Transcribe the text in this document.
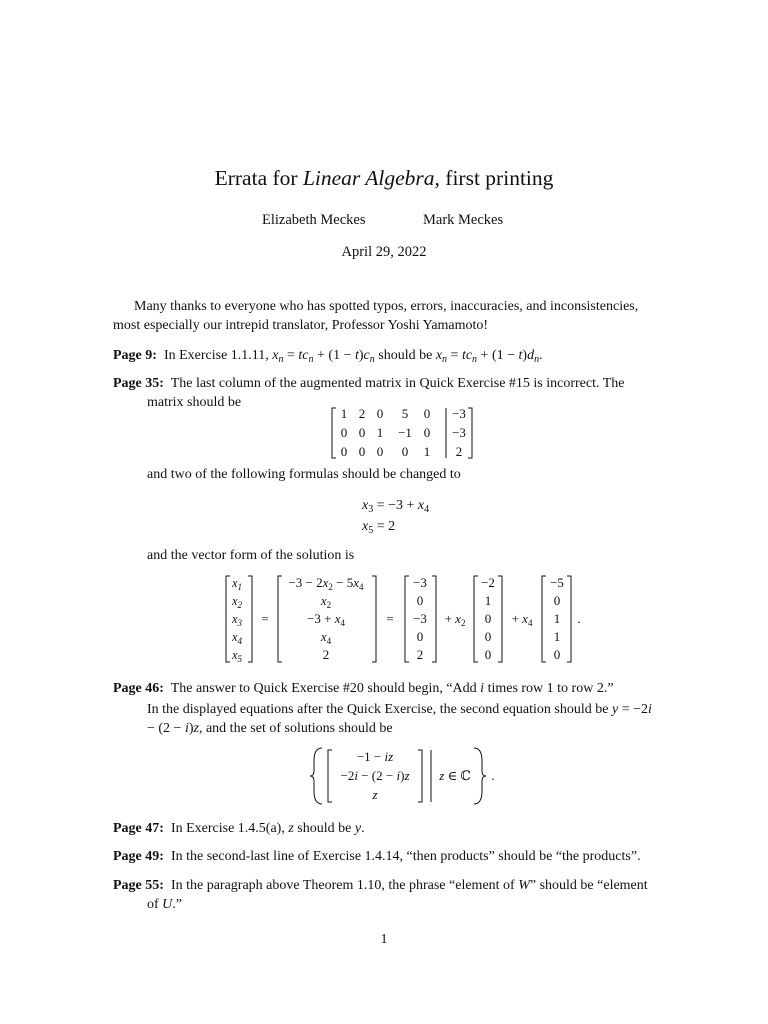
Errata for Linear Algebra, first printing
Elizabeth Meckes	Mark Meckes
April 29, 2022
Many thanks to everyone who has spotted typos, errors, inaccuracies, and inconsistencies, most especially our intrepid translator, Professor Yoshi Yamamoto!
Page 9: In Exercise 1.1.11, $x_n = tc_n + (1 - t)c_n$ should be $x_n = tc_n + (1 - t)d_n$.
Page 35: The last column of the augmented matrix in Quick Exercise #15 is incorrect. The matrix should be
1 2 0 5 0 −3
0 0 1 −1 0 −3
0 0 0 0 1 2
and two of the following formulas should be changed to
$x_3 = -3 + x_4$
$x_5 = 2$
and the vector form of the solution is
$x_1$
$x_2$
$x_3$
$x_4$
$x_5$
=
$-3 - 2x_2 - 5x_4$
$x_2$
$-3 + x_4$
$x_4$
2
=
−3
0
−3
0
2
+ $x_2$
−2
1
0
0
0
+ $x_4$
−5
0
1
1
0
.
Page 46: The answer to Quick Exercise #20 should begin, “Add i times row 1 to row 2.”
In the displayed equations after the Quick Exercise, the second equation should be y = −2i − (2 − i)z, and the set of solutions should be
−1 − iz
−2i − (2 − i)z
z
z ∈ ℂ .
Page 47: In Exercise 1.4.5(a), z should be y.
Page 49: In the second-last line of Exercise 1.4.14, “then products” should be “the products”.
Page 55: In the paragraph above Theorem 1.10, the phrase “element of W” should be “element of U.”
1
